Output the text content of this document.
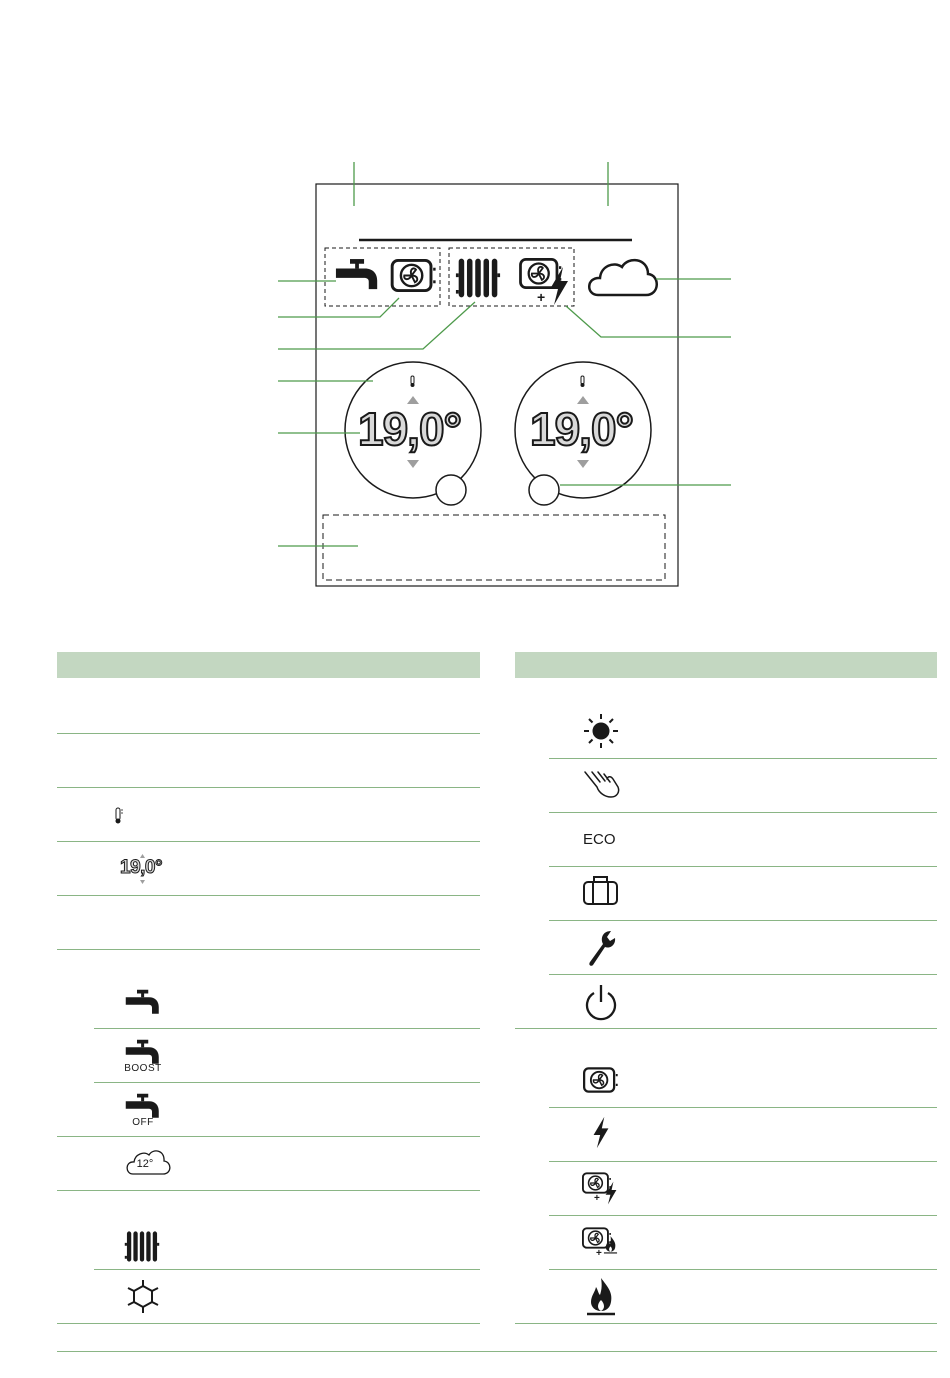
+
+
+
19,0° 19,0°
19,0°
BOOST
OFF
12°
ECO
